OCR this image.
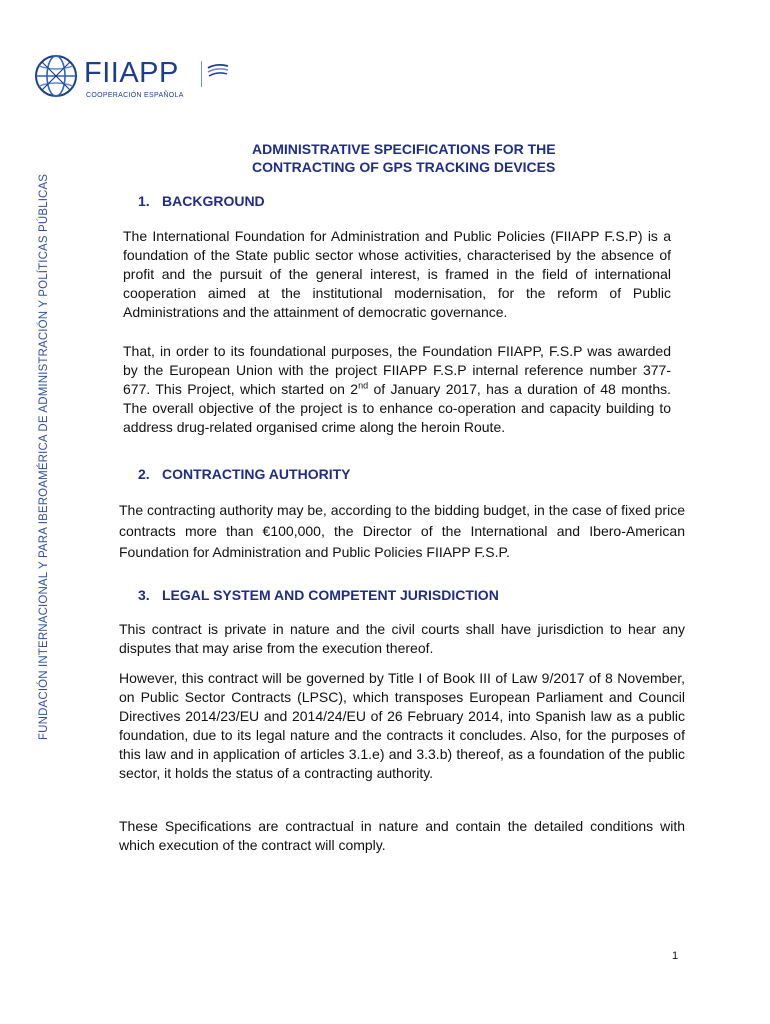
FIIAPP
COOPERACIÓN ESPAÑOLA
FUNDACIÓN INTERNACIONAL Y PARA IBEROAMÉRICA DE ADMINISTRACIÓN Y POLÍTICAS PÚBLICAS
ADMINISTRATIVE SPECIFICATIONS FOR THE
CONTRACTING OF GPS TRACKING DEVICES
1. BACKGROUND

The International Foundation for Administration and Public Policies (FIIAPP F.S.P) is a foundation of the State public sector whose activities, characterised by the absence of profit and the pursuit of the general interest, is framed in the field of international cooperation aimed at the institutional modernisation, for the reform of Public Administrations and the attainment of democratic governance.

That, in order to its foundational purposes, the Foundation FIIAPP, F.S.P was awarded by the European Union with the project FIIAPP F.S.P internal reference number 377-677. This Project, which started on 2nd of January 2017, has a duration of 48 months. The overall objective of the project is to enhance co-operation and capacity building to address drug-related organised crime along the heroin Route.

2. CONTRACTING AUTHORITY

The contracting authority may be, according to the bidding budget, in the case of fixed price contracts more than €100,000, the Director of the International and Ibero-American Foundation for Administration and Public Policies FIIAPP F.S.P.

3. LEGAL SYSTEM AND COMPETENT JURISDICTION

This contract is private in nature and the civil courts shall have jurisdiction to hear any disputes that may arise from the execution thereof.

However, this contract will be governed by Title I of Book III of Law 9/2017 of 8 November, on Public Sector Contracts (LPSC), which transposes European Parliament and Council Directives 2014/23/EU and 2014/24/EU of 26 February 2014, into Spanish law as a public foundation, due to its legal nature and the contracts it concludes. Also, for the purposes of this law and in application of articles 3.1.e) and 3.3.b) thereof, as a foundation of the public sector, it holds the status of a contracting authority.

These Specifications are contractual in nature and contain the detailed conditions with which execution of the contract will comply.

1
